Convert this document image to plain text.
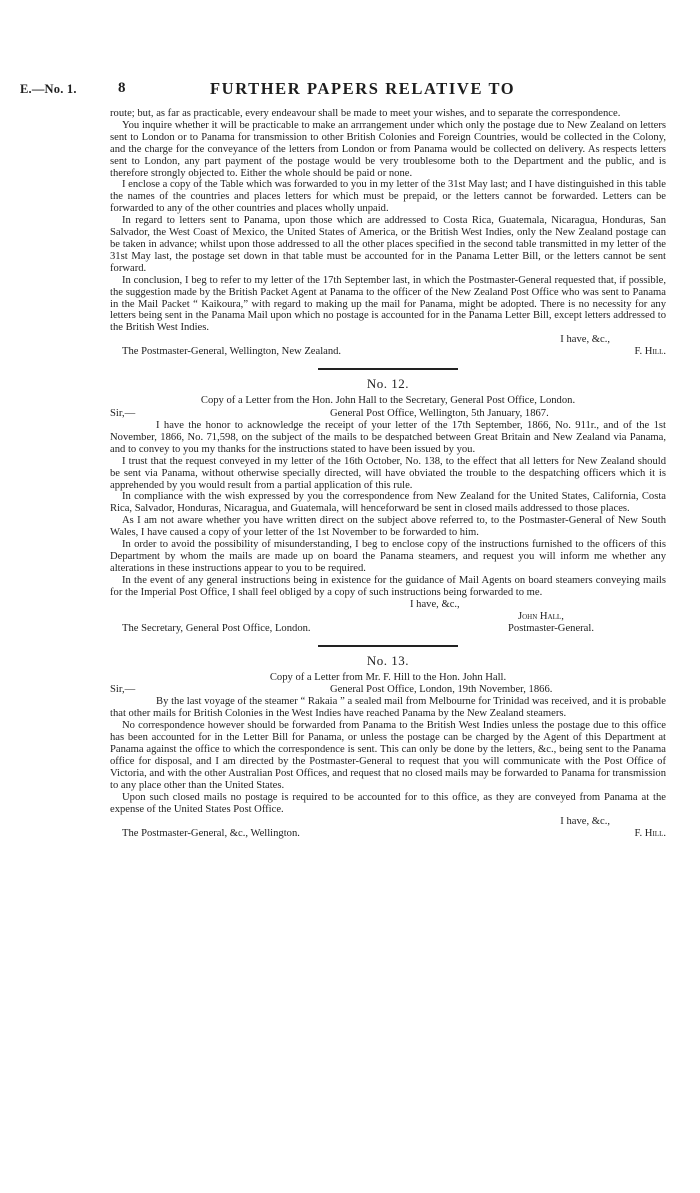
E.—No. 1.	8	FURTHER PAPERS RELATIVE TO

route; but, as far as practicable, every endeavour shall be made to meet your wishes, and to separate the correspondence.

You inquire whether it will be practicable to make an arrrangement under which only the postage due to New Zealand on letters sent to London or to Panama for transmission to other British Colonies and Foreign Countries, would be collected in the Colony, and the charge for the conveyance of the letters from London or from Panama would be collected on delivery. As respects letters sent to London, any part payment of the postage would be very troublesome both to the Department and the public, and is therefore strongly objected to. Either the whole should be paid or none.

I enclose a copy of the Table which was forwarded to you in my letter of the 31st May last; and I have distinguished in this table the names of the countries and places letters for which must be prepaid, or the letters cannot be forwarded. Letters can be forwarded to any of the other countries and places wholly unpaid.

In regard to letters sent to Panama, upon those which are addressed to Costa Rica, Guatemala, Nicaragua, Honduras, San Salvador, the West Coast of Mexico, the United States of America, or the British West Indies, only the New Zealand postage can be taken in advance; whilst upon those addressed to all the other places specified in the second table transmitted in my letter of the 31st May last, the postage set down in that table must be accounted for in the Panama Letter Bill, or the letters cannot be sent forward.

In conclusion, I beg to refer to my letter of the 17th September last, in which the Postmaster-General requested that, if possible, the suggestion made by the British Packet Agent at Panama to the officer of the New Zealand Post Office who was sent to Panama in the Mail Packet “ Kaikoura,” with regard to making up the mail for Panama, might be adopted. There is no necessity for any letters being sent in the Panama Mail upon which no postage is accounted for in the Panama Letter Bill, except letters addressed to the British West Indies.

I have, &c.,
The Postmaster-General, Wellington, New Zealand.	F. Hill.
No. 12.
Copy of a Letter from the Hon. John Hall to the Secretary, General Post Office, London.
Sir,—	General Post Office, Wellington, 5th January, 1867.

I have the honor to acknowledge the receipt of your letter of the 17th September, 1866, No. 911r., and of the 1st November, 1866, No. 71,598, on the subject of the mails to be despatched between Great Britain and New Zealand via Panama, and to convey to you my thanks for the instructions stated to have been issued by you.

I trust that the request conveyed in my letter of the 16th October, No. 138, to the effect that all letters for New Zealand should be sent via Panama, without otherwise specially directed, will have obviated the trouble to the despatching officers which it is apprehended by you would result from a partial application of this rule.

In compliance with the wish expressed by you the correspondence from New Zealand for the United States, California, Costa Rica, Salvador, Honduras, Nicaragua, and Guatemala, will henceforward be sent in closed mails addressed to those places.

As I am not aware whether you have written direct on the subject above referred to, to the Postmaster-General of New South Wales, I have caused a copy of your letter of the 1st November to be forwarded to him.

In order to avoid the possibility of misunderstanding, I beg to enclose copy of the instructions furnished to the officers of this Department by whom the mails are made up on board the Panama steamers, and request you will inform me whether any alterations in these instructions appear to you to be required.

In the event of any general instructions being in existence for the guidance of Mail Agents on board steamers conveying mails for the Imperial Post Office, I shall feel obliged by a copy of such instructions being forwarded to me.

I have, &c.,
John Hall,
The Secretary, General Post Office, London.	Postmaster-General.
No. 13.
Copy of a Letter from Mr. F. Hill to the Hon. John Hall.
Sir,—	General Post Office, London, 19th November, 1866.

By the last voyage of the steamer “ Rakaia ” a sealed mail from Melbourne for Trinidad was received, and it is probable that other mails for British Colonies in the West Indies have reached Panama by the New Zealand steamers.

No correspondence however should be forwarded from Panama to the British West Indies unless the postage due to this office has been accounted for in the Letter Bill for Panama, or unless the postage can be charged by the Agent of this Department at Panama against the office to which the correspondence is sent. This can only be done by the letters, &c., being sent to the Panama office for disposal, and I am directed by the Postmaster-General to request that you will communicate with the Post Office of Victoria, and with the other Australian Post Offices, and request that no closed mails may be forwarded to Panama for transmission to any place other than the United States.

Upon such closed mails no postage is required to be accounted for to this office, as they are conveyed from Panama at the expense of the United States Post Office.

I have, &c.,
The Postmaster-General, &c., Wellington.	F. Hill.
